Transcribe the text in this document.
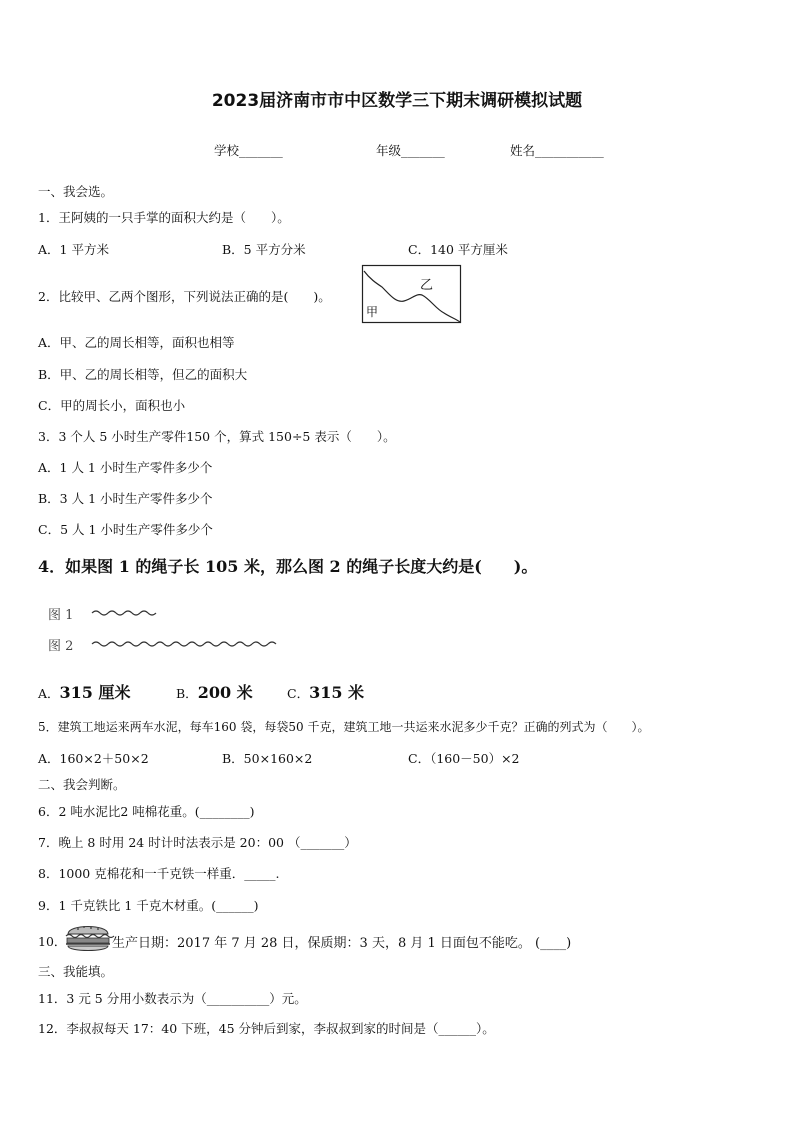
2023届济南市市中区数学三下期末调研模拟试题
学校_______	年级_______	姓名___________
一、我会选。
1．王阿姨的一只手掌的面积大约是（　　）。
A．1 平方米	B．5 平方分米	C．140 平方厘米
2．比较甲、乙两个图形，下列说法正确的是(　　)。
乙
甲
A．甲、乙的周长相等，面积也相等
B．甲、乙的周长相等，但乙的面积大
C．甲的周长小，面积也小
3．3 个人 5 小时生产零件150 个，算式 150÷5 表示（　　）。
A．1 人 1 小时生产零件多少个
B．3 人 1 小时生产零件多少个
C．5 人 1 小时生产零件多少个
4．如果图 1 的绳子长 105 米，那么图 2 的绳子长度大约是(　　)。
图 1
图 2
A．315 厘米	B．200 米	C．315 米
5．建筑工地运来两车水泥，每车160 袋，每袋50 千克，建筑工地一共运来水泥多少千克？正确的列式为（　　）。
A．160×2＋50×2	B．50×160×2	C．（160－50）×2
二、我会判断。
6．2 吨水泥比2 吨棉花重。(________)
7．晚上 8 时用 24 时计时法表示是 20：00 （_______）
8．1000 克棉花和一千克铁一样重．_____.
9．1 千克铁比 1 千克木材重。(______)
10．	生产日期：2017 年 7 月 28 日，保质期：3 天，8 月 1 日面包不能吃。 (____)
三、我能填。
11．3 元 5 分用小数表示为（__________）元。
12．李叔叔每天 17：40 下班，45 分钟后到家，李叔叔到家的时间是（______）。
